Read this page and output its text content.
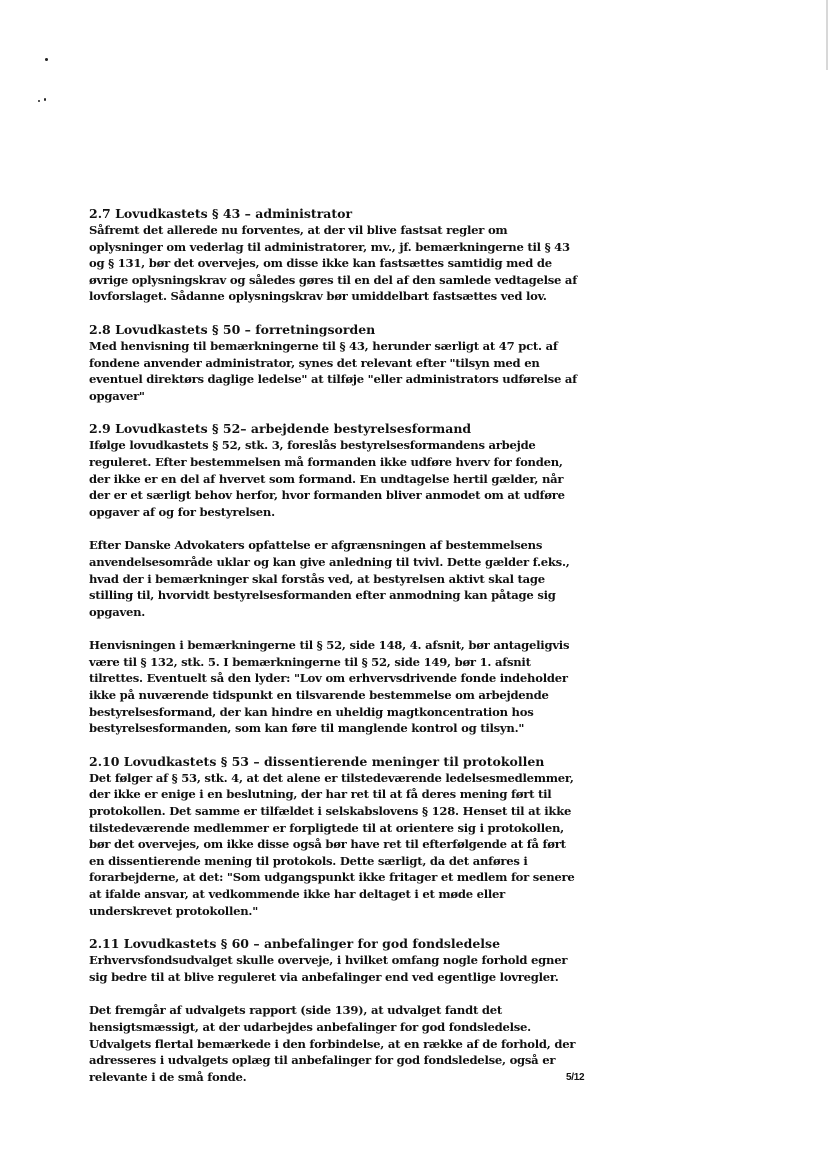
2.7 Lovudkastets § 43 – administrator

Såfremt det allerede nu forventes, at der vil blive fastsat regler om oplysninger om vederlag til administratorer, mv., jf. bemærkningerne til § 43 og § 131, bør det overvejes, om disse ikke kan fastsættes samtidig med de øvrige oplysningskrav og således gøres til en del af den samlede vedtagelse af lovforslaget. Sådanne oplysningskrav bør umiddelbart fastsættes ved lov.

2.8 Lovudkastets § 50 – forretningsorden

Med henvisning til bemærkningerne til § 43, herunder særligt at 47 pct. af fondene anvender administrator, synes det relevant efter "tilsyn med en eventuel direktørs daglige ledelse" at tilføje "eller administrators udførelse af opgaver"

2.9 Lovudkastets § 52– arbejdende bestyrelsesformand

Ifølge lovudkastets § 52, stk. 3, foreslås bestyrelsesformandens arbejde reguleret. Efter bestemmelsen må formanden ikke udføre hverv for fonden, der ikke er en del af hvervet som formand. En undtagelse hertil gælder, når der er et særligt behov herfor, hvor formanden bliver anmodet om at udføre opgaver af og for bestyrelsen.

Efter Danske Advokaters opfattelse er afgrænsningen af bestemmelsens anvendelsesområde uklar og kan give anledning til tvivl. Dette gælder f.eks., hvad der i bemærkninger skal forstås ved, at bestyrelsen aktivt skal tage stilling til, hvorvidt bestyrelsesformanden efter anmodning kan påtage sig opgaven.

Henvisningen i bemærkningerne til § 52, side 148, 4. afsnit, bør antageligvis være til § 132, stk. 5. I bemærkningerne til § 52, side 149, bør 1. afsnit tilrettes. Eventuelt så den lyder: "Lov om erhvervsdrivende fonde indeholder ikke på nuværende tidspunkt en tilsvarende bestemmelse om arbejdende bestyrelsesformand, der kan hindre en uheldig magtkoncentration hos bestyrelsesformanden, som kan føre til manglende kontrol og tilsyn."

2.10 Lovudkastets § 53 – dissentierende meninger til protokollen

Det følger af § 53, stk. 4, at det alene er tilstedeværende ledelsesmedlemmer, der ikke er enige i en beslutning, der har ret til at få deres mening ført til protokollen. Det samme er tilfældet i selskabslovens § 128. Henset til at ikke tilstedeværende medlemmer er forpligtede til at orientere sig i protokollen, bør det overvejes, om ikke disse også bør have ret til efterfølgende at få ført en dissentierende mening til protokols. Dette særligt, da det anføres i forarbejderne, at det: "Som udgangspunkt ikke fritager et medlem for senere at ifalde ansvar, at vedkommende ikke har deltaget i et møde eller underskrevet protokollen."

2.11 Lovudkastets § 60 – anbefalinger for god fondsledelse

Erhvervsfondsudvalget skulle overveje, i hvilket omfang nogle forhold egner sig bedre til at blive reguleret via anbefalinger end ved egentlige lovregler.

Det fremgår af udvalgets rapport (side 139), at udvalget fandt det hensigtsmæssigt, at der udarbejdes anbefalinger for god fondsledelse. Udvalgets flertal bemærkede i den forbindelse, at en række af de forhold, der adresseres i udvalgets oplæg til anbefalinger for god fondsledelse, også er relevante i de små fonde.	5/12
